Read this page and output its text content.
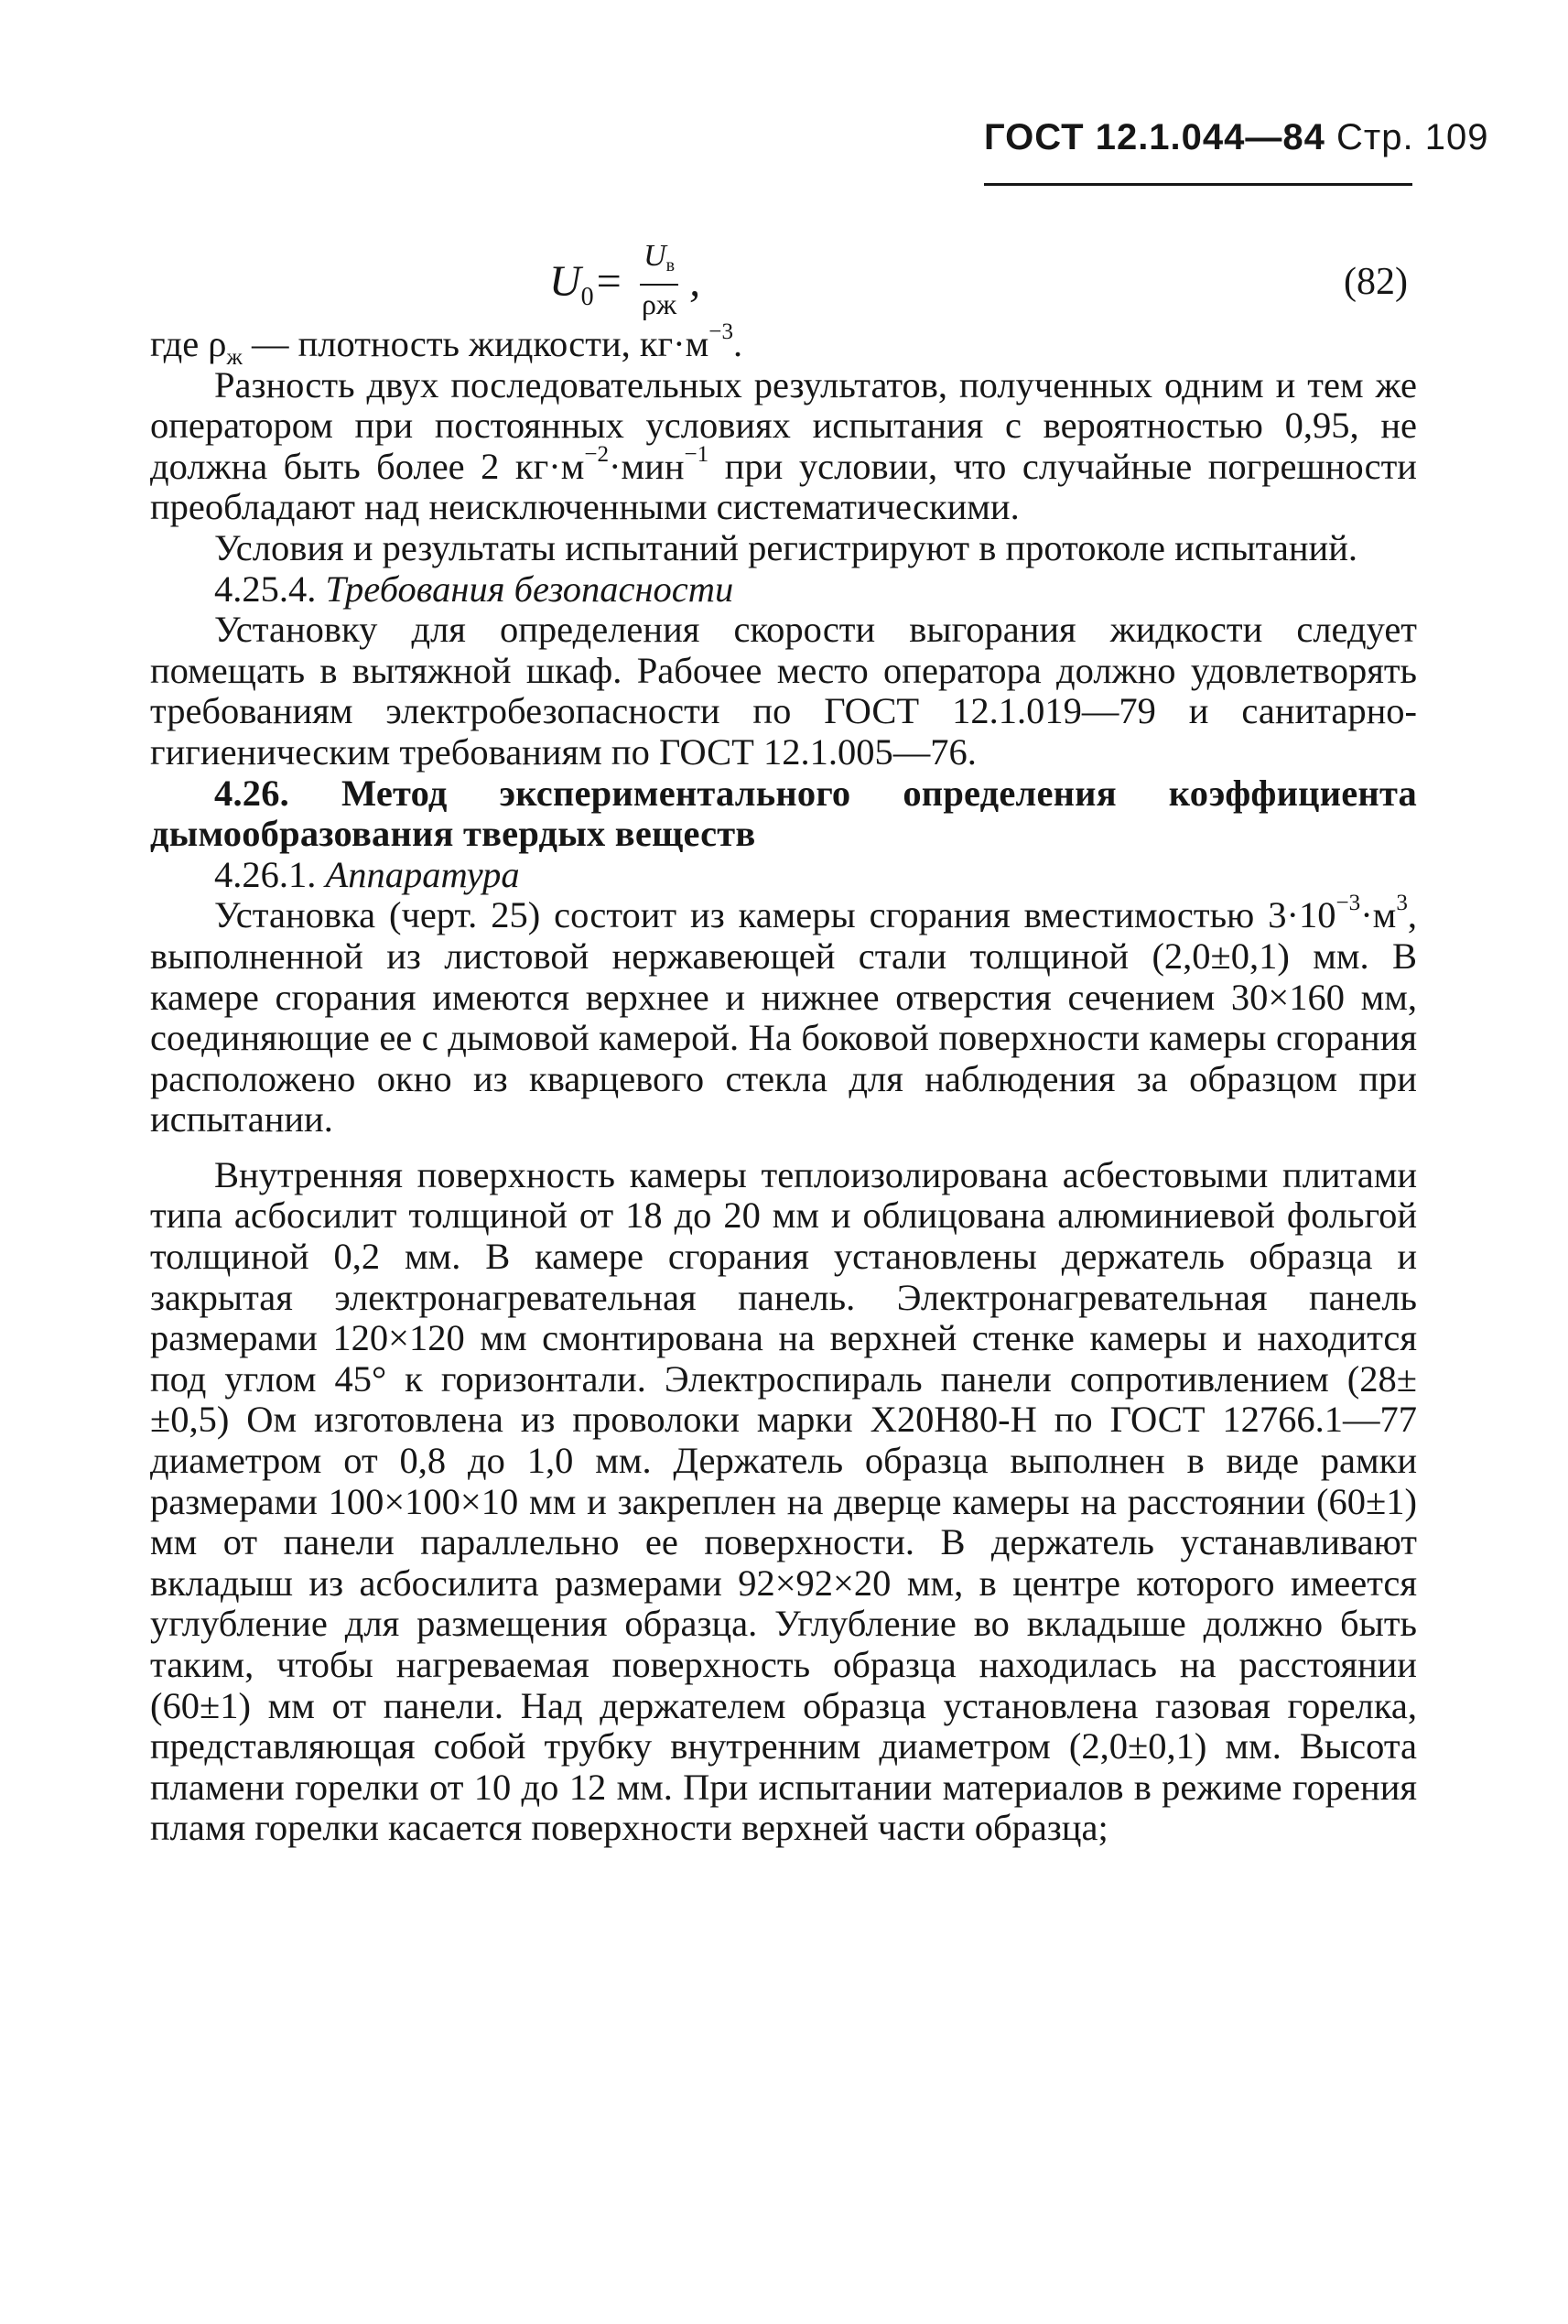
ГОСТ 12.1.044—84 Стр. 109
$U_0= \frac{U_в}{\rho ж}$ ,	(82)

где $\rho_ж$ — плотность жидкости, $кг\cdot м^{-3}$.

Разность двух последовательных результатов, полученных одним и тем же оператором при постоянных условиях испытания с вероятностью 0,95, не должна быть более 2 $кг\cdot м^{-2}\cdot мин^{-1}$ при условии, что случайные погрешности преобладают над неисключенными систематическими.

Условия и результаты испытаний регистрируют в протоколе испытаний.

4.25.4. Требования безопасности

Установку для определения скорости выгорания жидкости следует помещать в вытяжной шкаф. Рабочее место оператора должно удовлетворять требованиям электробезопасности по ГОСТ 12.1.019—79 и санитарно-гигиеническим требованиям по ГОСТ 12.1.005—76.

4.26. Метод экспериментального определения коэффициента дымообразования твердых веществ

4.26.1. Аппаратура

Установка (черт. 25) состоит из камеры сгорания вместимостью $3\cdot 10^{-3}\cdot м^3$, выполненной из листовой нержавеющей стали толщиной (2,0±0,1) мм. В камере сгорания имеются верхнее и нижнее отверстия сечением 30×160 мм, соединяющие ее с дымовой камерой. На боковой поверхности камеры сгорания расположено окно из кварцевого стекла для наблюдения за образцом при испытании.

Внутренняя поверхность камеры теплоизолирована асбестовыми плитами типа асбосилит толщиной от 18 до 20 мм и облицована алюминиевой фольгой толщиной 0,2 мм. В камере сгорания установлены держатель образца и закрытая электронагревательная панель. Электронагревательная панель размерами 120×120 мм смонтирована на верхней стенке камеры и находится под углом 45° к горизонтали. Электроспираль панели сопротивлением (28± ±0,5) Ом изготовлена из проволоки марки Х20Н80-Н по ГОСТ 12766.1—77 диаметром от 0,8 до 1,0 мм. Держатель образца выполнен в виде рамки размерами 100×100×10 мм и закреплен на дверце камеры на расстоянии (60±1) мм от панели параллельно ее поверхности. В держатель устанавливают вкладыш из асбосилита размерами 92×92×20 мм, в центре которого имеется углубление для размещения образца. Углубление во вкладыше должно быть таким, чтобы нагреваемая поверхность образца находилась на расстоянии (60±1) мм от панели. Над держателем образца установлена газовая горелка, представляющая собой трубку внутренним диаметром (2,0±0,1) мм. Высота пламени горелки от 10 до 12 мм. При испытании материалов в режиме горения пламя горелки касается поверхности верхней части образца;
